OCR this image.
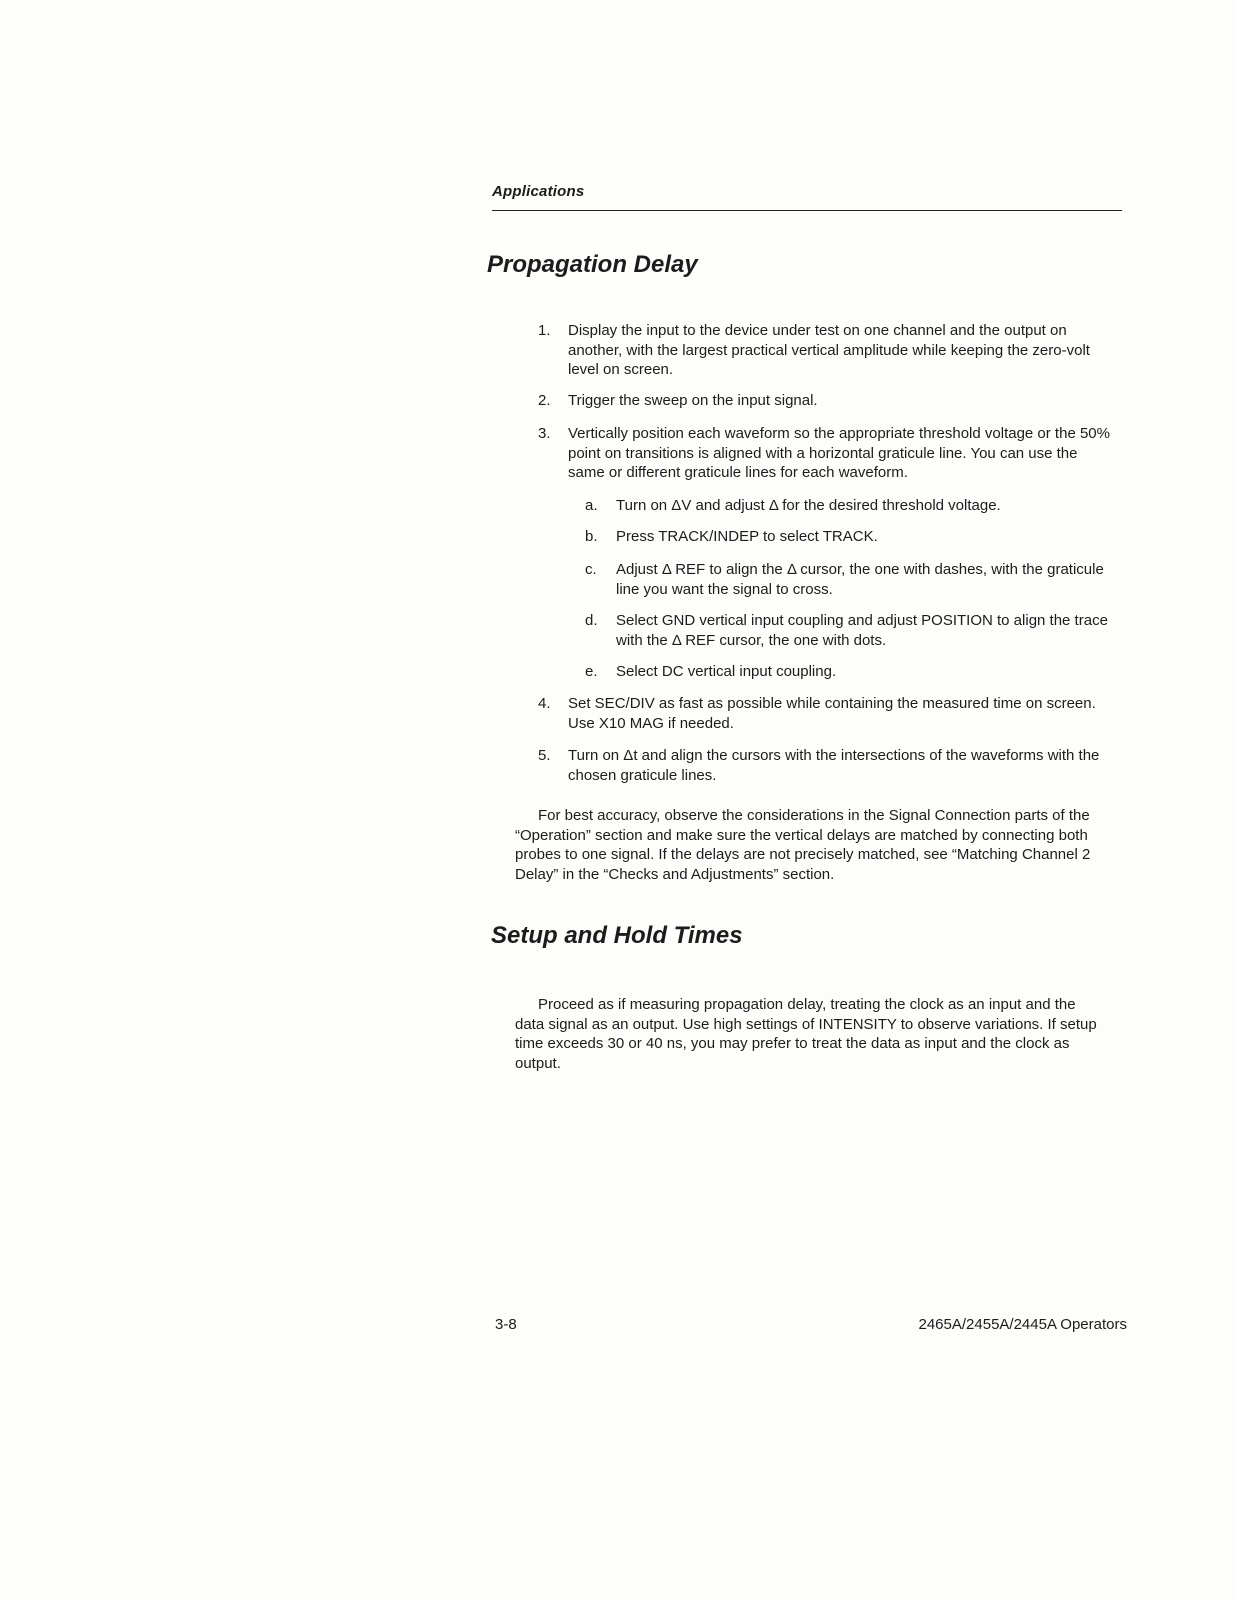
Applications
Propagation Delay
1. Display the input to the device under test on one channel and the output on another, with the largest practical vertical amplitude while keeping the zero-volt level on screen.
2. Trigger the sweep on the input signal.
3. Vertically position each waveform so the appropriate threshold voltage or the 50% point on transitions is aligned with a horizontal graticule line. You can use the same or different graticule lines for each waveform.
a. Turn on ΔV and adjust Δ for the desired threshold voltage.
b. Press TRACK/INDEP to select TRACK.
c. Adjust Δ REF to align the Δ cursor, the one with dashes, with the graticule line you want the signal to cross.
d. Select GND vertical input coupling and adjust POSITION to align the trace with the Δ REF cursor, the one with dots.
e. Select DC vertical input coupling.
4. Set SEC/DIV as fast as possible while containing the measured time on screen. Use X10 MAG if needed.
5. Turn on Δt and align the cursors with the intersections of the waveforms with the chosen graticule lines.
For best accuracy, observe the considerations in the Signal Connection parts of the “Operation” section and make sure the vertical delays are matched by connecting both probes to one signal. If the delays are not precisely matched, see “Matching Channel 2 Delay” in the “Checks and Adjustments” section.
Setup and Hold Times
Proceed as if measuring propagation delay, treating the clock as an input and the data signal as an output. Use high settings of INTENSITY to observe variations. If setup time exceeds 30 or 40 ns, you may prefer to treat the data as input and the clock as output.
3-8	2465A/2455A/2445A Operators
